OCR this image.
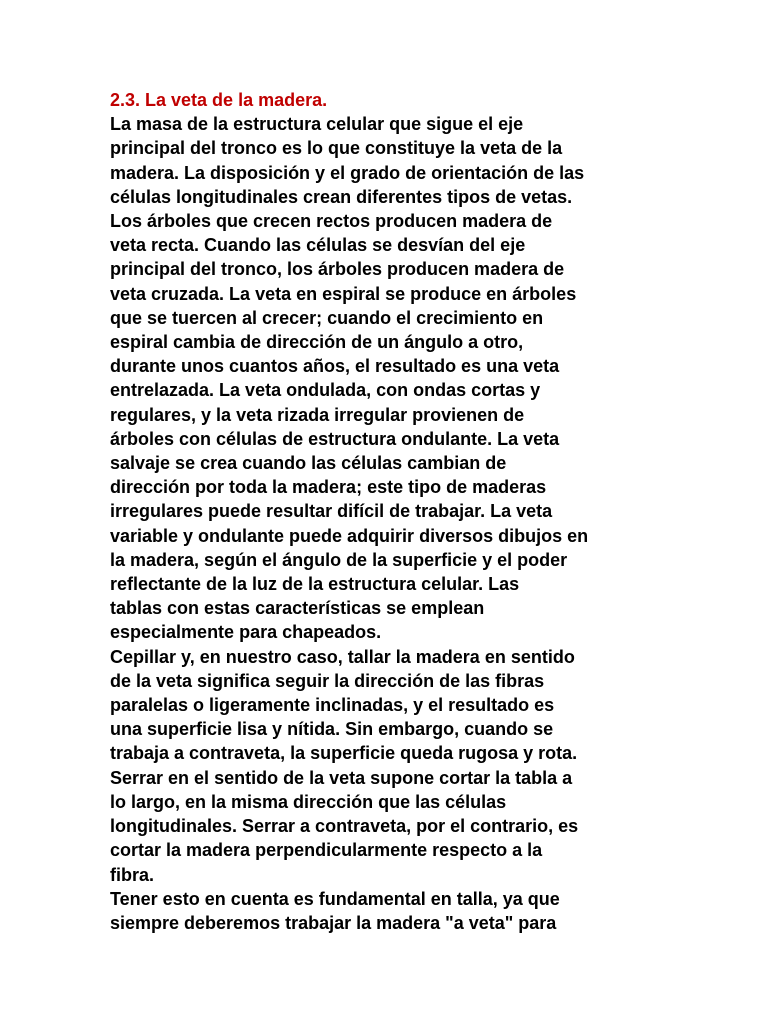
2.3. La veta de la madera.
La masa de la estructura celular que sigue el eje
principal del tronco es lo que constituye la veta de la
madera. La disposición y el grado de orientación de las
células longitudinales crean diferentes tipos de vetas.
Los árboles que crecen rectos producen madera de
veta recta. Cuando las células se desvían del eje
principal del tronco, los árboles producen madera de
veta cruzada. La veta en espiral se produce en árboles
que se tuercen al crecer; cuando el crecimiento en
espiral cambia de dirección de un ángulo a otro,
durante unos cuantos años, el resultado es una veta
entrelazada. La veta ondulada, con ondas cortas y
regulares, y la veta rizada irregular provienen de
árboles con células de estructura ondulante. La veta
salvaje se crea cuando las células cambian de
dirección por toda la madera; este tipo de maderas
irregulares puede resultar difícil de trabajar. La veta
variable y ondulante puede adquirir diversos dibujos en
la madera, según el ángulo de la superficie y el poder
reflectante de la luz de la estructura celular. Las
tablas con estas características se emplean
especialmente para chapeados.
Cepillar y, en nuestro caso, tallar la madera en sentido
de la veta significa seguir la dirección de las fibras
paralelas o ligeramente inclinadas, y el resultado es
una superficie lisa y nítida. Sin embargo, cuando se
trabaja a contraveta, la superficie queda rugosa y rota.
Serrar en el sentido de la veta supone cortar la tabla a
lo largo, en la misma dirección que las células
longitudinales. Serrar a contraveta, por el contrario, es
cortar la madera perpendicularmente respecto a la
fibra.
Tener esto en cuenta es fundamental en talla, ya que
siempre deberemos trabajar la madera "a veta" para
